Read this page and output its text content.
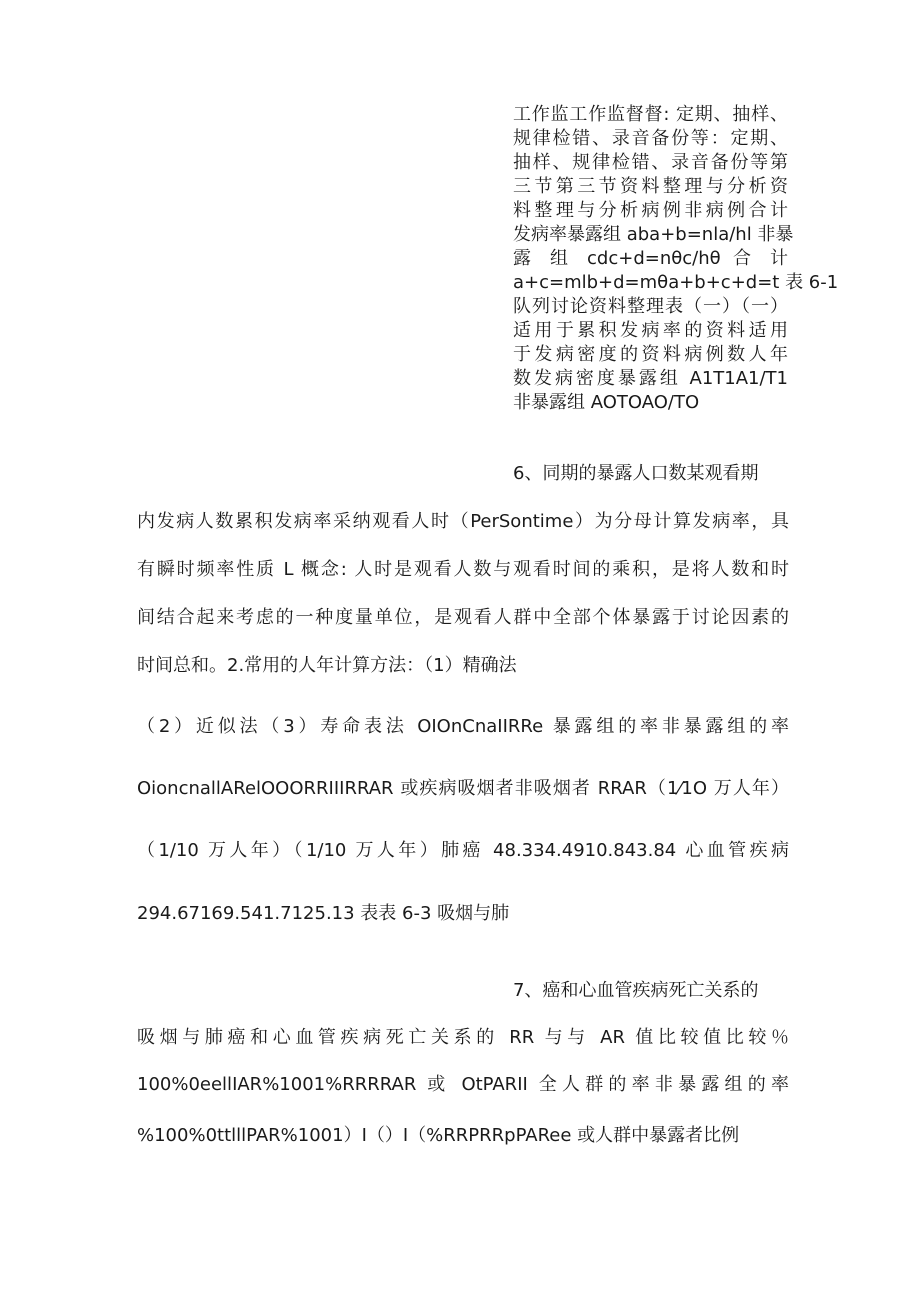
工作监工作监督督: 定期、抽样、
规律检错、录音备份等：定期、
抽样、规律检错、录音备份等第
三节第三节资料整理与分析资
料整理与分析病例非病例合计
发病率暴露组 aba+b=nla∕hl 非暴
露 组 cdc+d=nθc∕hθ 合 计
a+c=mlb+d=mθa+b+c+d=t 表 6-1
队列讨论资料整理表（一）（一）
适用于累积发病率的资料适用
于发病密度的资料病例数人年
数发病密度暴露组 A1T1A1/T1
非暴露组 AOTOAO/TO
6、同期的暴露人口数某观看期
内发病人数累积发病率采纳观看人时（PerSontime）为分母计算发病率，具
有瞬时频率性质 L 概念: 人时是观看人数与观看时间的乘积，是将人数和时
间结合起来考虑的一种度量单位，是观看人群中全部个体暴露于讨论因素的
时间总和。2.常用的人年计算方法：（1）精确法
（2）近似法（3）寿命表法 OIOnCnaIIRRe 暴露组的率非暴露组的率
OioncnallARelOOORRIIIRRAR 或疾病吸烟者非吸烟者 RRAR（1⁄1O 万人年）
（1/10 万人年）（1/10 万人年）肺癌 48.334.4910.843.84 心血管疾病
294.67169.541.7125.13 表表 6-3 吸烟与肺
7、癌和心血管疾病死亡关系的
吸烟与肺癌和心血管疾病死亡关系的 RR 与与 AR 值比较值比较％
100%0eellIAR%1001%RRRRAR 或 OtPARII 全人群的率非暴露组的率
%100%0ttlllPAR%1001）I（）I（%RRPRRpPARee 或人群中暴露者比例
